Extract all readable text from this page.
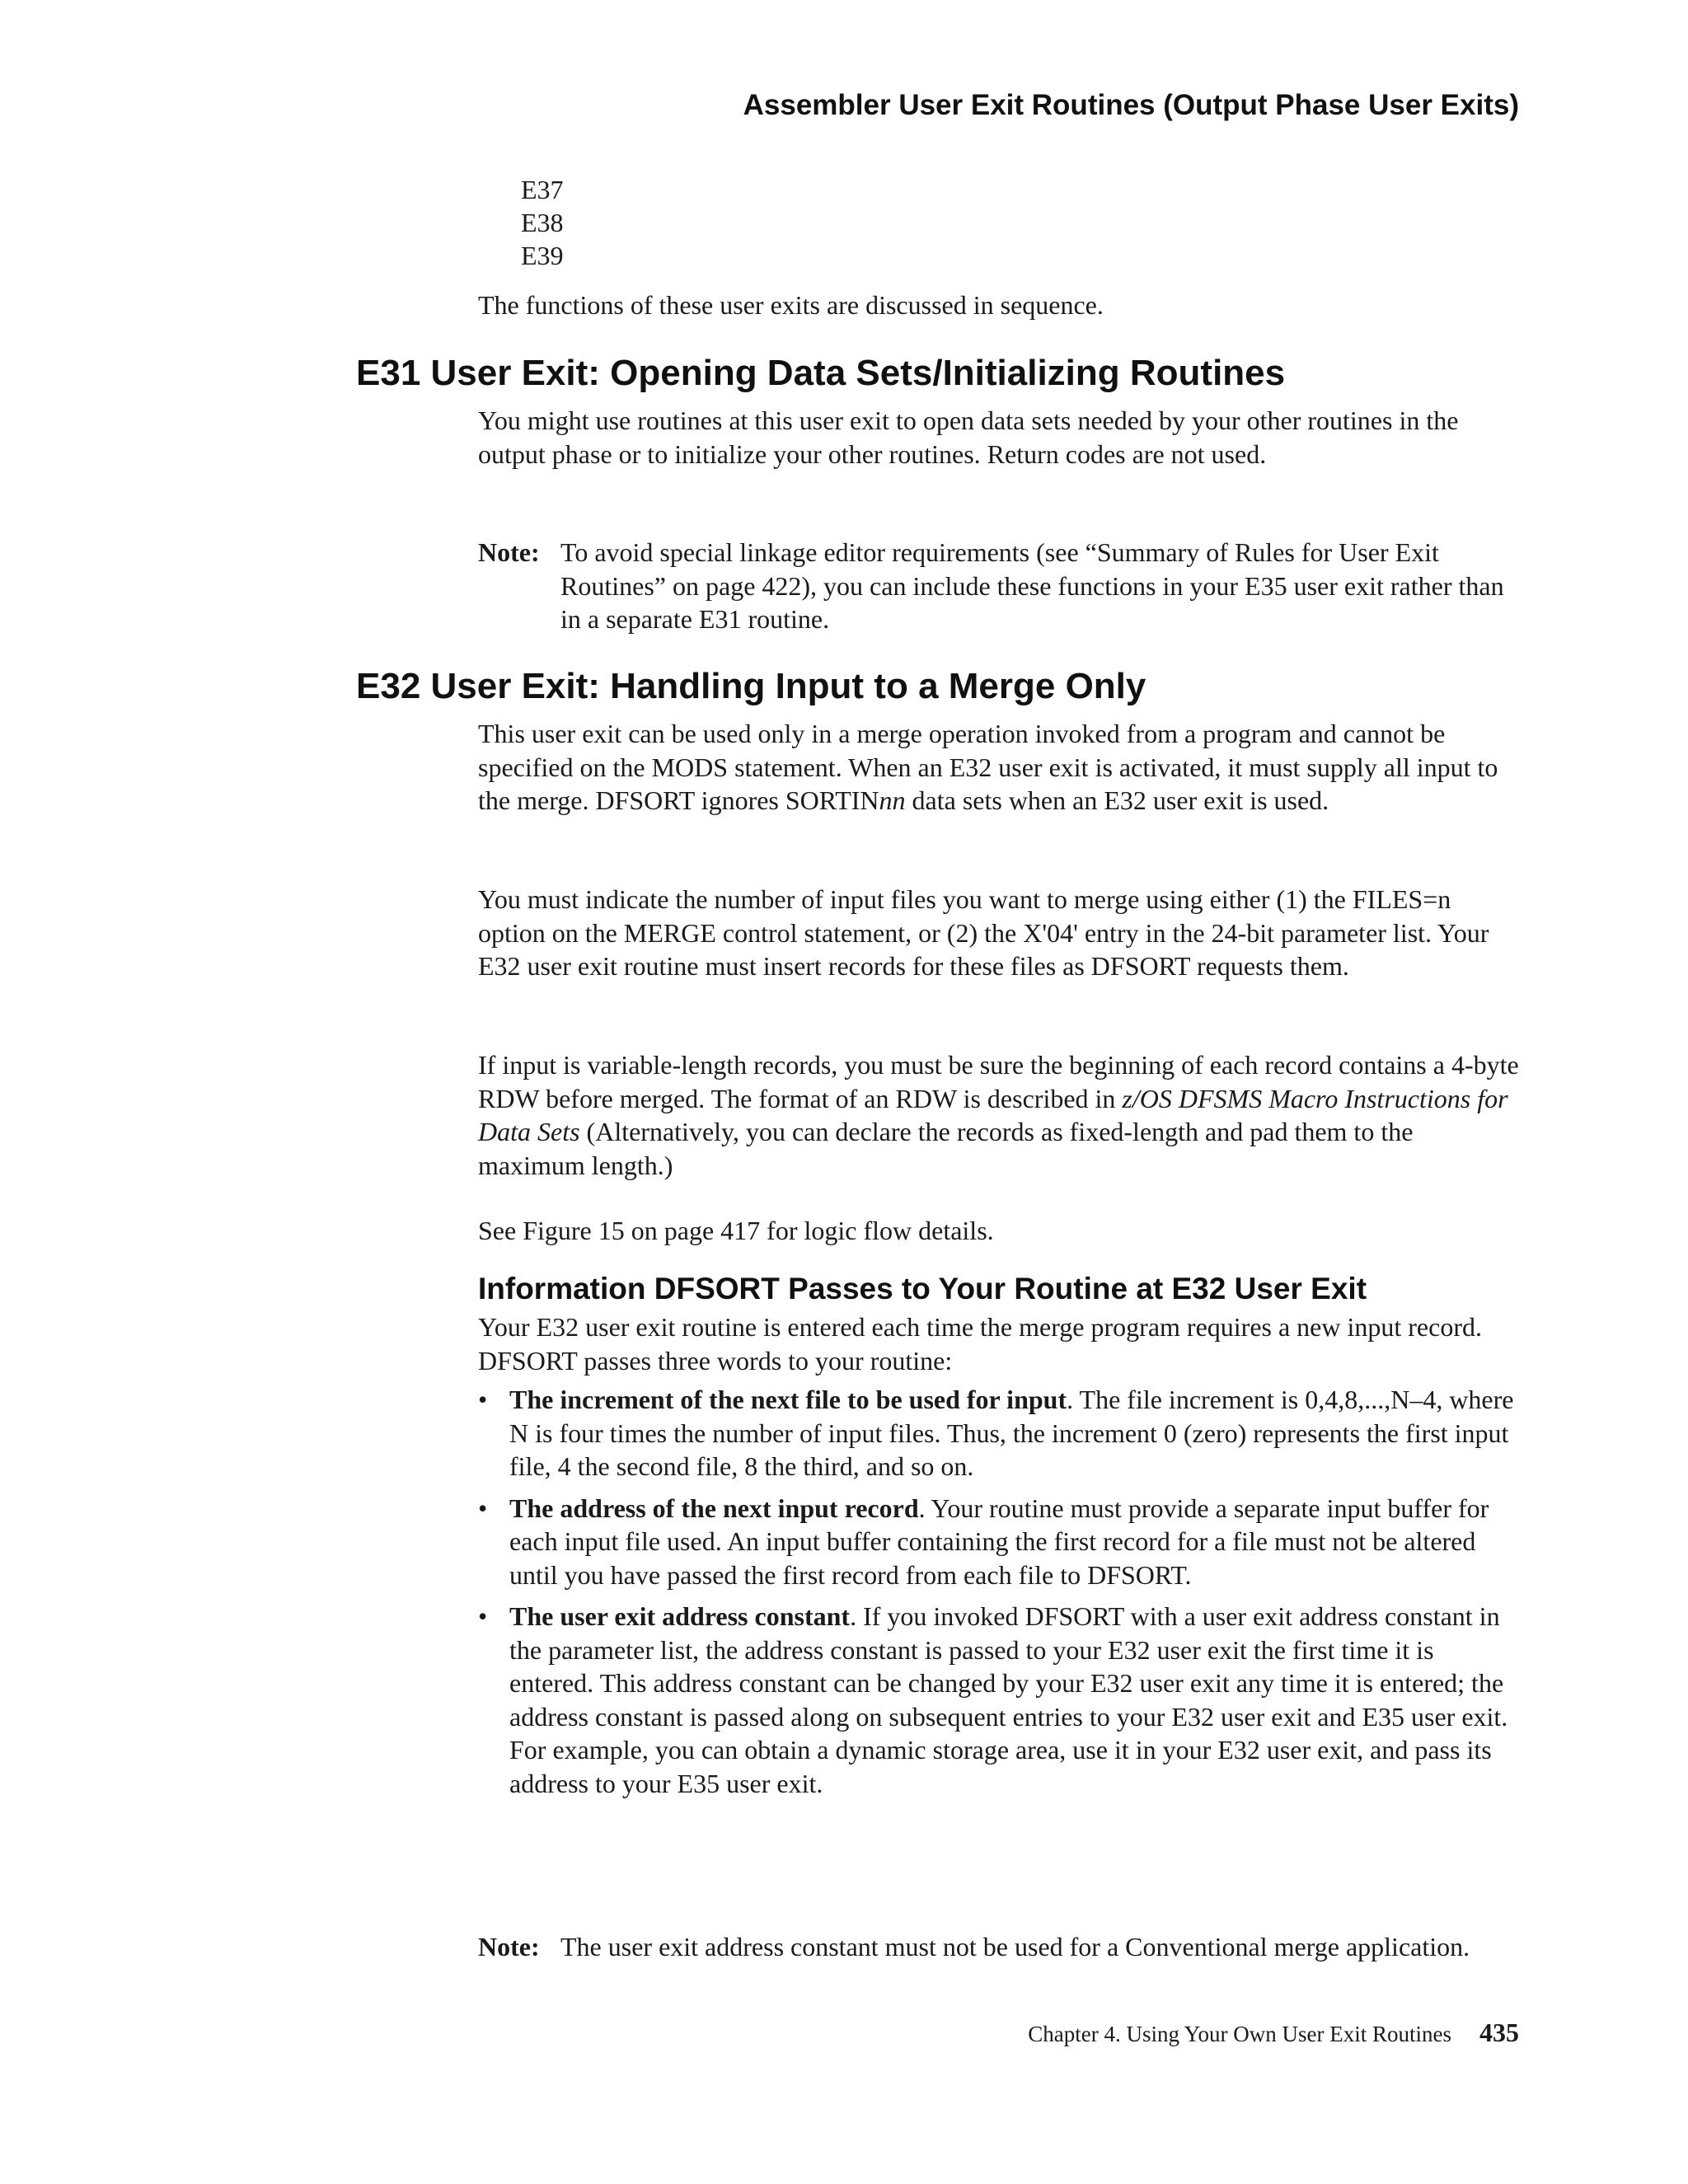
Assembler User Exit Routines (Output Phase User Exits)
E37
E38
E39

The functions of these user exits are discussed in sequence.

E31 User Exit: Opening Data Sets/Initializing Routines

You might use routines at this user exit to open data sets needed by your other routines in the output phase or to initialize your other routines. Return codes are not used.

Note: To avoid special linkage editor requirements (see “Summary of Rules for User Exit Routines” on page 422), you can include these functions in your E35 user exit rather than in a separate E31 routine.
E32 User Exit: Handling Input to a Merge Only

This user exit can be used only in a merge operation invoked from a program and cannot be specified on the MODS statement. When an E32 user exit is activated, it must supply all input to the merge. DFSORT ignores SORTINnn data sets when an E32 user exit is used.

You must indicate the number of input files you want to merge using either (1) the FILES=n option on the MERGE control statement, or (2) the X'04' entry in the 24-bit parameter list. Your E32 user exit routine must insert records for these files as DFSORT requests them.

If input is variable-length records, you must be sure the beginning of each record contains a 4-byte RDW before merged. The format of an RDW is described in z/OS DFSMS Macro Instructions for Data Sets (Alternatively, you can declare the records as fixed-length and pad them to the maximum length.)

See Figure 15 on page 417 for logic flow details.

Information DFSORT Passes to Your Routine at E32 User Exit

Your E32 user exit routine is entered each time the merge program requires a new input record. DFSORT passes three words to your routine:

• The increment of the next file to be used for input. The file increment is 0,4,8,...,N–4, where N is four times the number of input files. Thus, the increment 0 (zero) represents the first input file, 4 the second file, 8 the third, and so on.
• The address of the next input record. Your routine must provide a separate input buffer for each input file used. An input buffer containing the first record for a file must not be altered until you have passed the first record from each file to DFSORT.
• The user exit address constant. If you invoked DFSORT with a user exit address constant in the parameter list, the address constant is passed to your E32 user exit the first time it is entered. This address constant can be changed by your E32 user exit any time it is entered; the address constant is passed along on subsequent entries to your E32 user exit and E35 user exit. For example, you can obtain a dynamic storage area, use it in your E32 user exit, and pass its address to your E35 user exit.
Note: The user exit address constant must not be used for a Conventional merge application.
Chapter 4. Using Your Own User Exit Routines 435
